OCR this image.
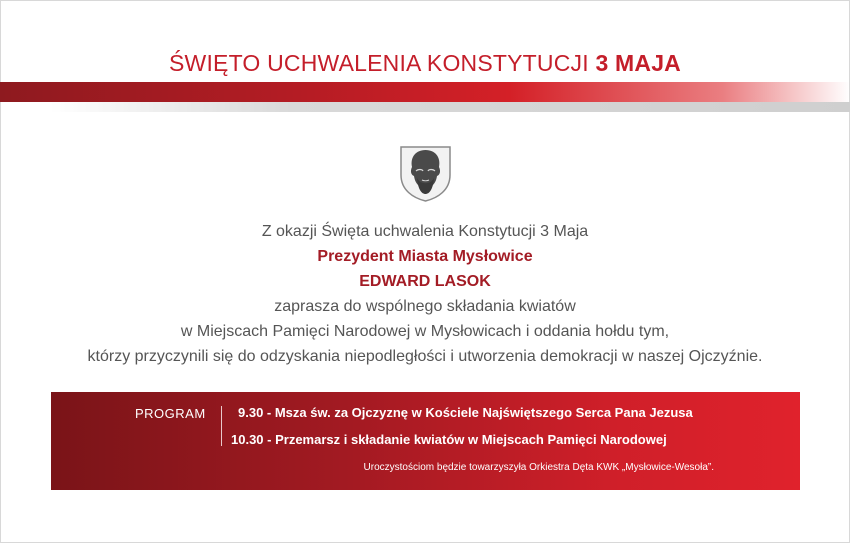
ŚWIĘTO UCHWALENIA KONSTYTUCJI 3 MAJA
Z okazji Święta uchwalenia Konstytucji 3 Maja
Prezydent Miasta Mysłowice
EDWARD LASOK
zaprasza do wspólnego składania kwiatów
w Miejscach Pamięci Narodowej w Mysłowicach i oddania hołdu tym,
którzy przyczynili się do odzyskania niepodległości i utworzenia demokracji w naszej Ojczyźnie.
PROGRAM 9.30 - Msza św. za Ojczyznę w Kościele Najświętszego Serca Pana Jezusa
10.30 - Przemarsz i składanie kwiatów w Miejscach Pamięci Narodowej
Uroczystościom będzie towarzyszyła Orkiestra Dęta KWK „Mysłowice-Wesoła”.
